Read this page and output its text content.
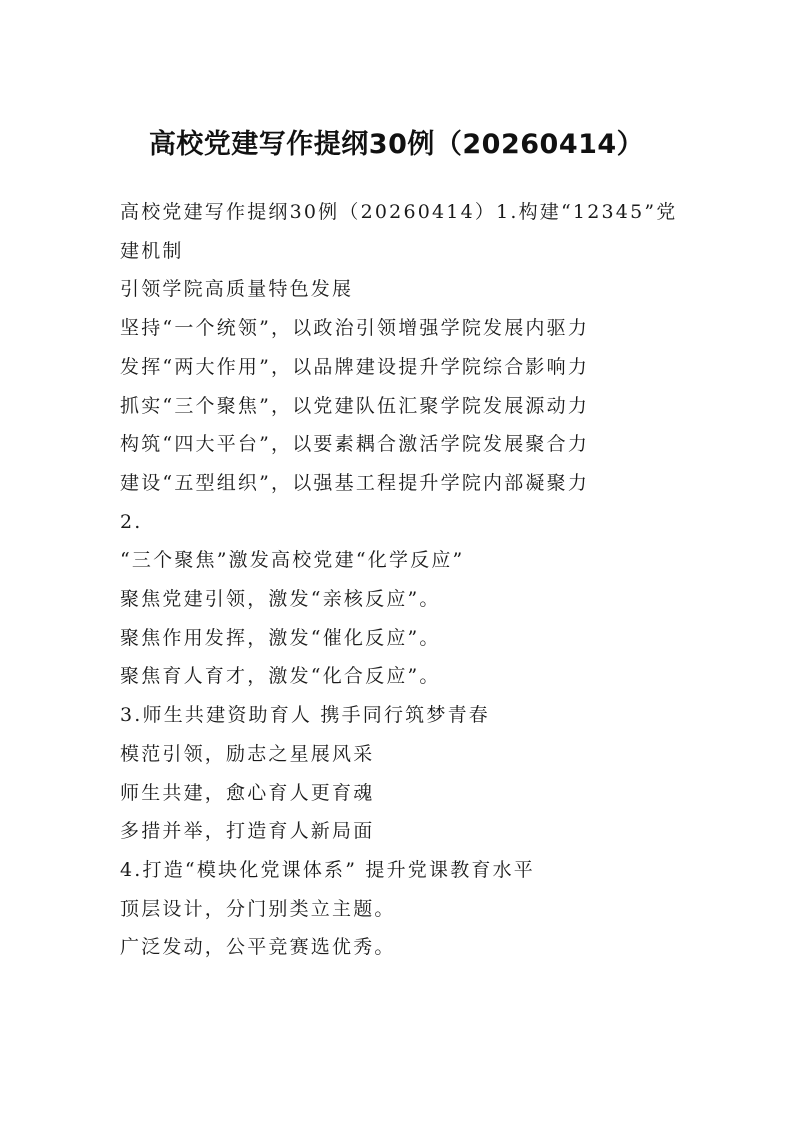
高校党建写作提纲30例（20260414）
高校党建写作提纲30例（20260414）1.构建“12345”党建机制
引领学院高质量特色发展
坚持“一个统领”，以政治引领增强学院发展内驱力
发挥“两大作用”，以品牌建设提升学院综合影响力
抓实“三个聚焦”，以党建队伍汇聚学院发展源动力
构筑“四大平台”，以要素耦合激活学院发展聚合力
建设“五型组织”，以强基工程提升学院内部凝聚力
2.
“三个聚焦”激发高校党建“化学反应”
聚焦党建引领，激发“亲核反应”。
聚焦作用发挥，激发“催化反应”。
聚焦育人育才，激发“化合反应”。
3.师生共建资助育人 携手同行筑梦青春
模范引领，励志之星展风采
师生共建，愈心育人更育魂
多措并举，打造育人新局面
4.打造“模块化党课体系” 提升党课教育水平
顶层设计，分门别类立主题。
广泛发动，公平竞赛选优秀。
